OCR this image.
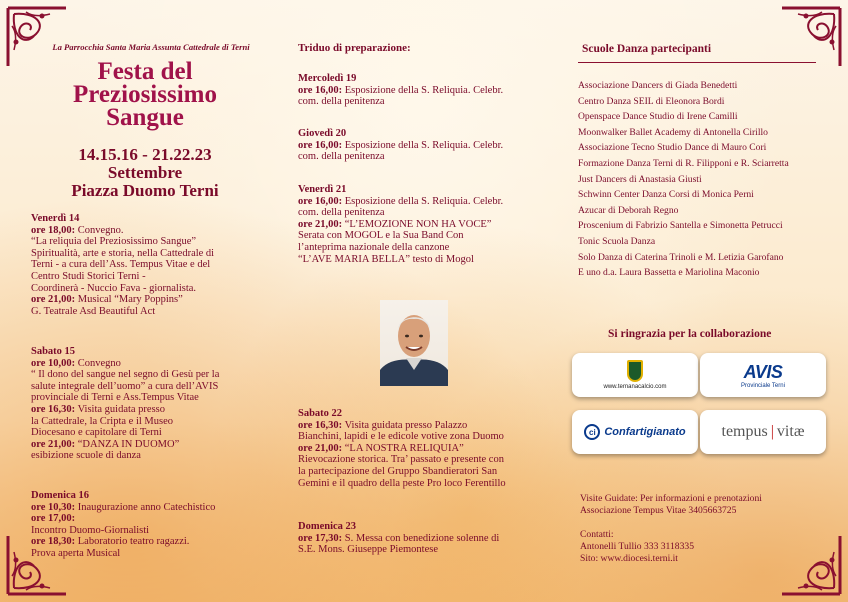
La Parrocchia Santa Maria Assunta Cattedrale di Terni
Festa del
Preziosissimo
Sangue
14.15.16 - 21.22.23
Settembre
Piazza Duomo Terni
Venerdì 14
ore 18,00: Convegno.
“La reliquia del Preziosissimo Sangue”
Spiritualità, arte e storia, nella Cattedrale di
Terni - a cura dell’Ass. Tempus Vitae e del
Centro Studi Storici Terni -
Coordinerà - Nuccio Fava - giornalista.
ore 21,00: Musical “Mary Poppins”
G. Teatrale Asd Beautiful Act
Sabato 15
ore 10,00: Convegno
“ Il dono del sangue nel segno di Gesù per la
salute integrale dell’uomo” a cura dell’AVIS
provinciale di Terni e Ass.Tempus Vitae
ore 16,30: Visita guidata presso
la Cattedrale, la Cripta e il Museo
Diocesano e capitolare di Terni
ore 21,00: “DANZA IN DUOMO”
esibizione scuole di danza
Domenica 16
ore 10,30: Inaugurazione anno Catechistico
ore 17,00:
Incontro Duomo-Giornalisti
ore 18,30: Laboratorio teatro ragazzi.
Prova aperta Musical
Triduo di preparazione:
Mercoledì 19
ore 16,00: Esposizione della S. Reliquia. Celebr.
com. della penitenza
Giovedì 20
ore 16,00: Esposizione della S. Reliquia. Celebr.
com. della penitenza
Venerdì 21
ore 16,00: Esposizione della S. Reliquia. Celebr.
com. della penitenza
ore 21,00: “L’EMOZIONE NON HA VOCE”
Serata con MOGOL e la Sua Band Con
l’anteprima nazionale della canzone
“L’AVE MARIA BELLA” testo di Mogol
Sabato 22
ore 16,30: Visita guidata presso Palazzo
Bianchini, lapidi e le edicole votive zona Duomo
ore 21,00: “LA NOSTRA RELIQUIA”
Rievocazione storica. Tra’ passato e presente con
la partecipazione del Gruppo Sbandieratori San
Gemini e il quadro della peste Pro loco Ferentillo
Domenica 23
ore 17,30: S. Messa con benedizione solenne di
S.E. Mons. Giuseppe Piemontese
Scuole Danza partecipanti
Associazione Dancers di Giada Benedetti
Centro Danza SEIL di Eleonora Bordi
Openspace Dance Studio di Irene Camilli
Moonwalker Ballet Academy di Antonella Cirillo
Associazione Tecno Studio Dance di Mauro Cori
Formazione Danza Terni di R. Filipponi e R. Sciarretta
Just Dancers di Anastasia Giusti
Schwinn Center Danza Corsi di Monica Perni
Azucar di Deborah Regno
Proscenium di Fabrizio Santella e Simonetta Petrucci
Tonic Scuola Danza
Solo Danza di Caterina Trinoli e M. Letizia Garofano
E uno d.a. Laura Bassetta e Mariolina Maconio
Si ringrazia per la collaborazione
www.ternanacalcio.com
AVIS
Provinciale Terni
ci Confartigianato tempus | vitæ
Visite Guidate: Per informazioni e prenotazioni
Associazione Tempus Vitae 3405663725

Contatti:
Antonelli Tullio 333 3118335
Sito: www.diocesi.terni.it
